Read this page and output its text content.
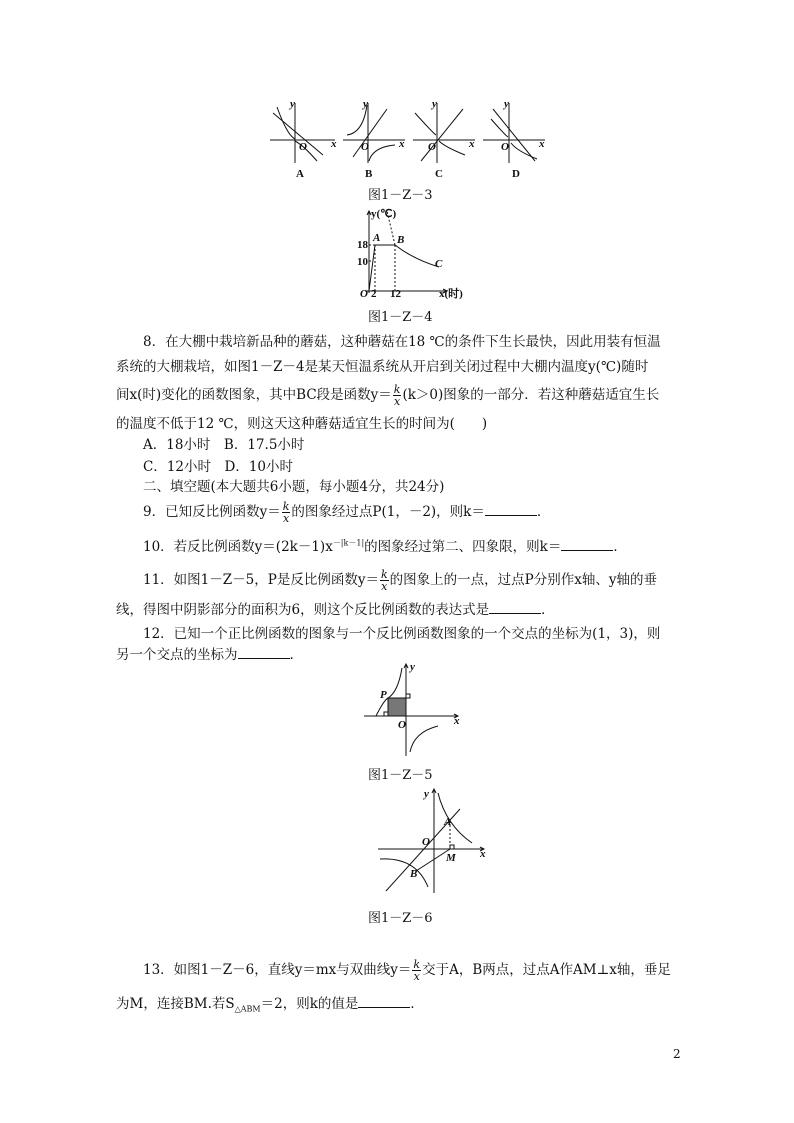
y
x
O
y
x
O
y
x
O
y
x
O
A	B	C	D
图1－Z－3
y(℃)
x(时)
18
10
2 12
O
A B
C
图1－Z－4
8．在大棚中栽培新品种的蘑菇，这种蘑菇在18 ℃的条件下生长最快，因此用装有恒温
系统的大棚栽培，如图1－Z－4是某天恒温系统从开启到关闭过程中大棚内温度y(℃)随时
间x(时)变化的函数图象，其中BC段是函数$y= \frac{k}{x} (k>0)$图象的一部分．若这种蘑菇适宜生长
的温度不低于12 ℃，则这天这种蘑菇适宜生长的时间为(　　)
A．18小时　B．17.5小时
C．12小时　D．10小时
二、填空题(本大题共6小题，每小题4分，共24分)
9．已知反比例函数$y= \frac{k}{x}$ 的图象经过点P(1，－2)，则k＝	．
10．若反比例函数$y=(2k-1)x^{-|k-1|}$的图象经过第二、四象限，则k＝	．
11．如图1－Z－5，P是反比例函数$y= \frac{k}{x}$ 的图象上的一点，过点P分别作x轴、y轴的垂
线，得图中阴影部分的面积为6，则这个反比例函数的表达式是	．
12．已知一个正比例函数的图象与一个反比例函数图象的一个交点的坐标为(1，3)，则
另一个交点的坐标为	．
P
O	x
y
图1－Z－5
O
x
y
A
B
M
图1－Z－6
13．如图1－Z－6，直线y＝mx与双曲线$y= \frac{k}{x}$ 交于A，B两点，过点A作AM⊥x轴，垂足
为M，连接BM.若$S_{\triangle ABM}=2$，则k的值是	．
2
